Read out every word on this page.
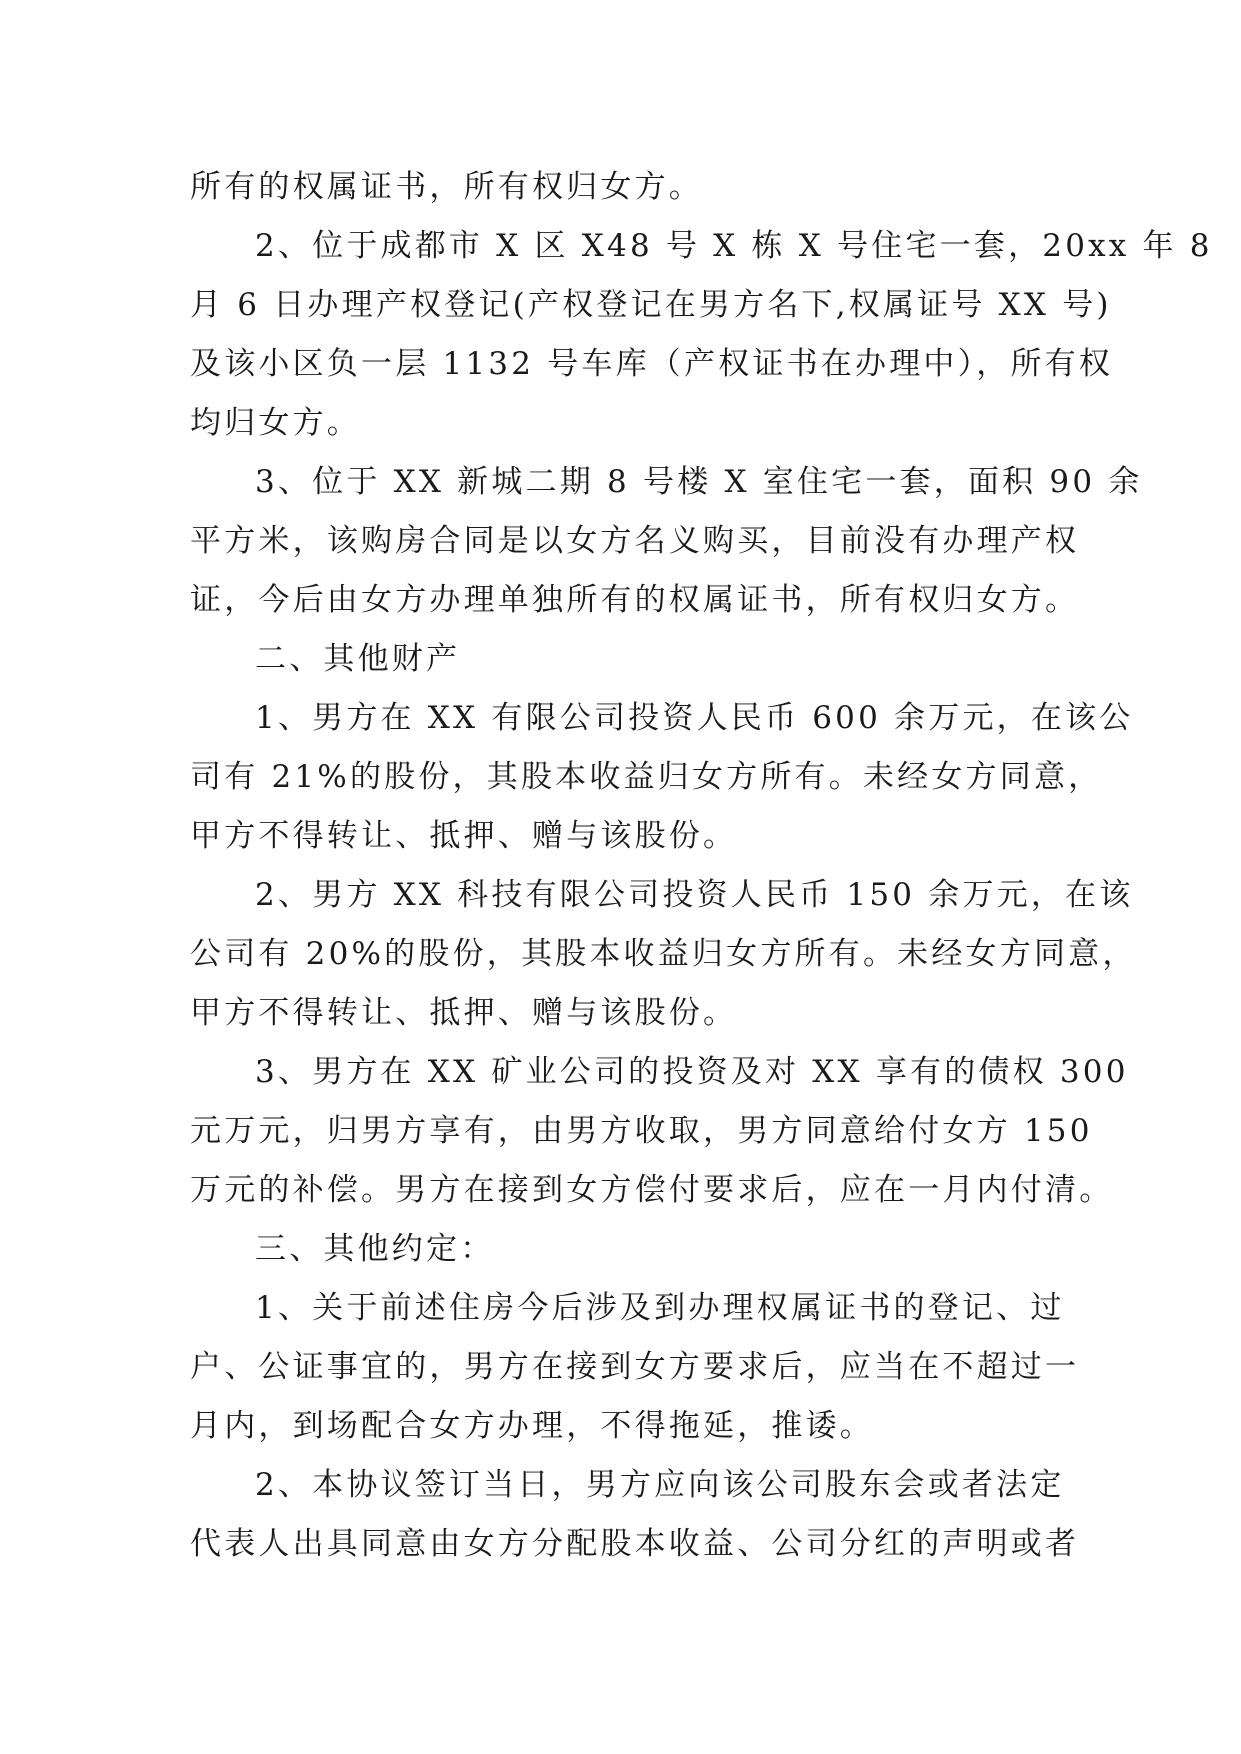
所有的权属证书，所有权归女方。
2、位于成都市 X 区 X48 号 X 栋 X 号住宅一套，20xx 年 8
月 6 日办理产权登记(产权登记在男方名下,权属证号 XX 号)
及该小区负一层 1132 号车库（产权证书在办理中），所有权
均归女方。
3、位于 XX 新城二期 8 号楼 X 室住宅一套，面积 90 余
平方米，该购房合同是以女方名义购买，目前没有办理产权
证，今后由女方办理单独所有的权属证书，所有权归女方。
二、其他财产
1、男方在 XX 有限公司投资人民币 600 余万元，在该公
司有 21%的股份，其股本收益归女方所有。未经女方同意，
甲方不得转让、抵押、赠与该股份。
2、男方 XX 科技有限公司投资人民币 150 余万元，在该
公司有 20%的股份，其股本收益归女方所有。未经女方同意，
甲方不得转让、抵押、赠与该股份。
3、男方在 XX 矿业公司的投资及对 XX 享有的债权 300
元万元，归男方享有，由男方收取，男方同意给付女方 150
万元的补偿。男方在接到女方偿付要求后，应在一月内付清。
三、其他约定：
1、关于前述住房今后涉及到办理权属证书的登记、过
户、公证事宜的，男方在接到女方要求后，应当在不超过一
月内，到场配合女方办理，不得拖延，推诿。
2、本协议签订当日，男方应向该公司股东会或者法定
代表人出具同意由女方分配股本收益、公司分红的声明或者
